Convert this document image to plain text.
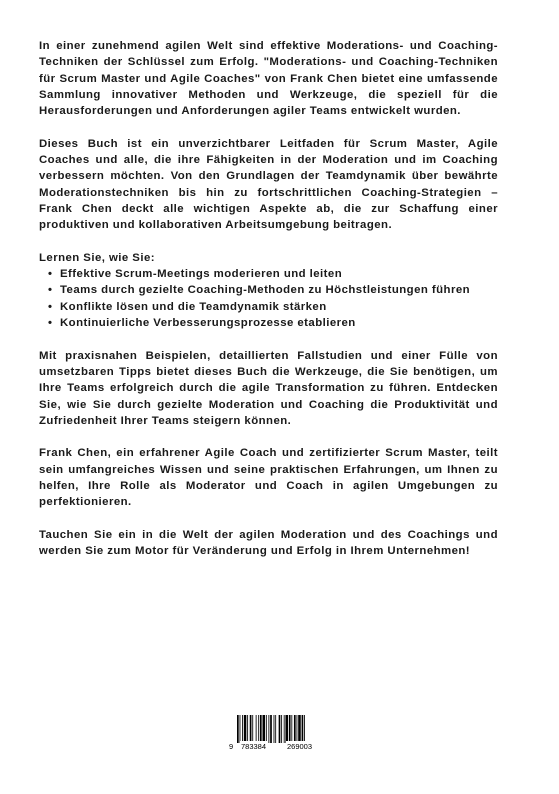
In einer zunehmend agilen Welt sind effektive Moderations- und Coaching-Techniken der Schlüssel zum Erfolg. "Moderations- und Coaching-Techniken für Scrum Master und Agile Coaches" von Frank Chen bietet eine umfassende Sammlung innovativer Methoden und Werkzeuge, die speziell für die Herausforderungen und Anforderungen agiler Teams entwickelt wurden.

Dieses Buch ist ein unverzichtbarer Leitfaden für Scrum Master, Agile Coaches und alle, die ihre Fähigkeiten in der Moderation und im Coaching verbessern möchten. Von den Grundlagen der Teamdynamik über bewährte Moderationstechniken bis hin zu fortschrittlichen Coaching-Strategien – Frank Chen deckt alle wichtigen Aspekte ab, die zur Schaffung einer produktiven und kollaborativen Arbeitsumgebung beitragen.

Lernen Sie, wie Sie:

• Effektive Scrum-Meetings moderieren und leiten
• Teams durch gezielte Coaching-Methoden zu Höchstleistungen führen
• Konflikte lösen und die Teamdynamik stärken
• Kontinuierliche Verbesserungsprozesse etablieren

Mit praxisnahen Beispielen, detaillierten Fallstudien und einer Fülle von umsetzbaren Tipps bietet dieses Buch die Werkzeuge, die Sie benötigen, um Ihre Teams erfolgreich durch die agile Transformation zu führen. Entdecken Sie, wie Sie durch gezielte Moderation und Coaching die Produktivität und Zufriedenheit Ihrer Teams steigern können.

Frank Chen, ein erfahrener Agile Coach und zertifizierter Scrum Master, teilt sein umfangreiches Wissen und seine praktischen Erfahrungen, um Ihnen zu helfen, Ihre Rolle als Moderator und Coach in agilen Umgebungen zu perfektionieren.

Tauchen Sie ein in die Welt der agilen Moderation und des Coachings und werden Sie zum Motor für Veränderung und Erfolg in Ihrem Unternehmen!

9 783384	269003
